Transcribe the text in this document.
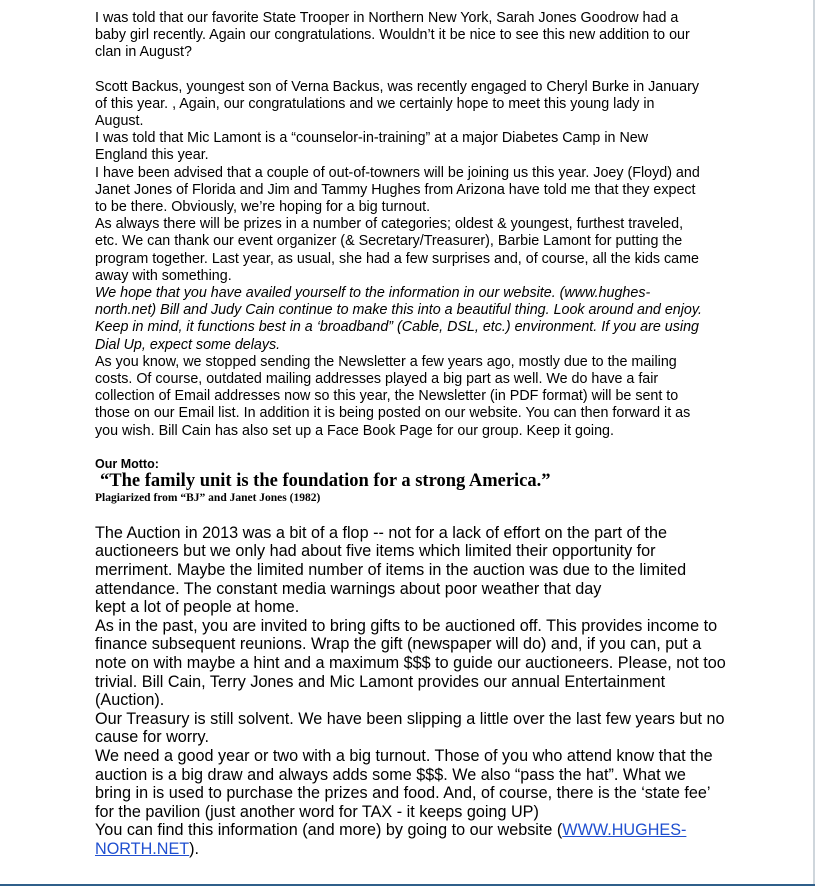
I was told that our favorite State Trooper in Northern New York, Sarah Jones Goodrow had a
baby girl recently. Again our congratulations. Wouldn’t it be nice to see this new addition to our
clan in August?

Scott Backus, youngest son of Verna Backus, was recently engaged to Cheryl Burke in January
of this year. , Again, our congratulations and we certainly hope to meet this young lady in
August.
I was told that Mic Lamont is a “counselor-in-training” at a major Diabetes Camp in New
England this year.
I have been advised that a couple of out-of-towners will be joining us this year. Joey (Floyd) and
Janet Jones of Florida and Jim and Tammy Hughes from Arizona have told me that they expect
to be there. Obviously, we’re hoping for a big turnout.
As always there will be prizes in a number of categories; oldest & youngest, furthest traveled,
etc. We can thank our event organizer (& Secretary/Treasurer), Barbie Lamont for putting the
program together. Last year, as usual, she had a few surprises and, of course, all the kids came
away with something.

We hope that you have availed yourself to the information in our website. (www.hughes-
north.net) Bill and Judy Cain continue to make this into a beautiful thing. Look around and enjoy.
Keep in mind, it functions best in a ‘broadband” (Cable, DSL, etc.) environment. If you are using
Dial Up, expect some delays.

As you know, we stopped sending the Newsletter a few years ago, mostly due to the mailing
costs. Of course, outdated mailing addresses played a big part as well. We do have a fair
collection of Email addresses now so this year, the Newsletter (in PDF format) will be sent to
those on our Email list. In addition it is being posted on our website. You can then forward it as
you wish. Bill Cain has also set up a Face Book Page for our group. Keep it going.

Our Motto:

“The family unit is the foundation for a strong America.”

Plagiarized from “BJ” and Janet Jones (1982)

The Auction in 2013 was a bit of a flop -- not for a lack of effort on the part of the
auctioneers but we only had about five items which limited their opportunity for
merriment. Maybe the limited number of items in the auction was due to the limited
attendance. The constant media warnings about poor weather that day
kept a lot of people at home.
As in the past, you are invited to bring gifts to be auctioned off. This provides income to
finance subsequent reunions. Wrap the gift (newspaper will do) and, if you can, put a
note on with maybe a hint and a maximum $$$ to guide our auctioneers. Please, not too
trivial. Bill Cain, Terry Jones and Mic Lamont provides our annual Entertainment
(Auction).
Our Treasury is still solvent. We have been slipping a little over the last few years but no
cause for worry.
We need a good year or two with a big turnout. Those of you who attend know that the
auction is a big draw and always adds some $$$. We also “pass the hat”. What we
bring in is used to purchase the prizes and food. And, of course, there is the ‘state fee’
for the pavilion (just another word for TAX - it keeps going UP)

You can find this information (and more) by going to our website (WWW.HUGHES-
NORTH.NET).
